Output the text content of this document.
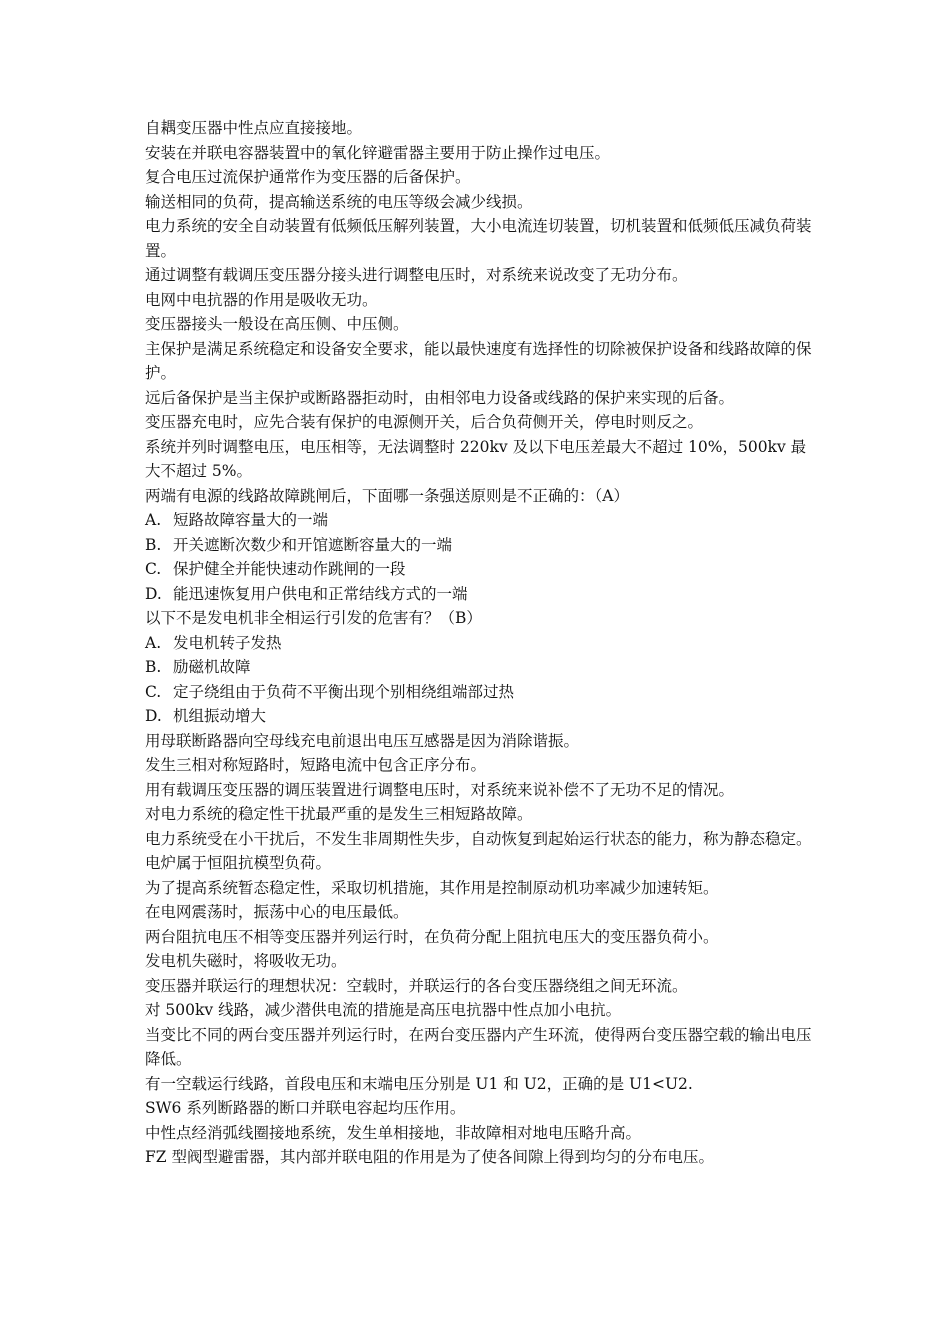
自耦变压器中性点应直接接地。

安装在并联电容器装置中的氧化锌避雷器主要用于防止操作过电压。

复合电压过流保护通常作为变压器的后备保护。

输送相同的负荷，提高输送系统的电压等级会减少线损。

电力系统的安全自动装置有低频低压解列装置，大小电流连切装置，切机装置和低频低压减负荷装置。

通过调整有载调压变压器分接头进行调整电压时，对系统来说改变了无功分布。

电网中电抗器的作用是吸收无功。

变压器接头一般设在高压侧、中压侧。

主保护是满足系统稳定和设备安全要求，能以最快速度有选择性的切除被保护设备和线路故障的保护。

远后备保护是当主保护或断路器拒动时，由相邻电力设备或线路的保护来实现的后备。

变压器充电时，应先合装有保护的电源侧开关，后合负荷侧开关，停电时则反之。

系统并列时调整电压，电压相等，无法调整时 220kv 及以下电压差最大不超过 10%，500kv 最大不超过 5%。

两端有电源的线路故障跳闸后，下面哪一条强送原则是不正确的：（A）

A. 短路故障容量大的一端
B. 开关遮断次数少和开馆遮断容量大的一端
C. 保护健全并能快速动作跳闸的一段
D. 能迅速恢复用户供电和正常结线方式的一端

以下不是发电机非全相运行引发的危害有？（B）

A. 发电机转子发热
B. 励磁机故障
C. 定子绕组由于负荷不平衡出现个别相绕组端部过热
D. 机组振动增大

用母联断路器向空母线充电前退出电压互感器是因为消除谐振。

发生三相对称短路时，短路电流中包含正序分布。

用有载调压变压器的调压装置进行调整电压时，对系统来说补偿不了无功不足的情况。

对电力系统的稳定性干扰最严重的是发生三相短路故障。

电力系统受在小干扰后，不发生非周期性失步，自动恢复到起始运行状态的能力，称为静态稳定。

电炉属于恒阻抗模型负荷。

为了提高系统暂态稳定性，采取切机措施，其作用是控制原动机功率减少加速转矩。

在电网震荡时，振荡中心的电压最低。

两台阻抗电压不相等变压器并列运行时，在负荷分配上阻抗电压大的变压器负荷小。

发电机失磁时，将吸收无功。

变压器并联运行的理想状况：空载时，并联运行的各台变压器绕组之间无环流。

对 500kv 线路，减少潜供电流的措施是高压电抗器中性点加小电抗。

当变比不同的两台变压器并列运行时，在两台变压器内产生环流，使得两台变压器空载的输出电压降低。

有一空载运行线路，首段电压和末端电压分别是 U1 和 U2，正确的是 U1<U2.

SW6 系列断路器的断口并联电容起均压作用。

中性点经消弧线圈接地系统，发生单相接地，非故障相对地电压略升高。

FZ 型阀型避雷器，其内部并联电阻的作用是为了使各间隙上得到均匀的分布电压。
